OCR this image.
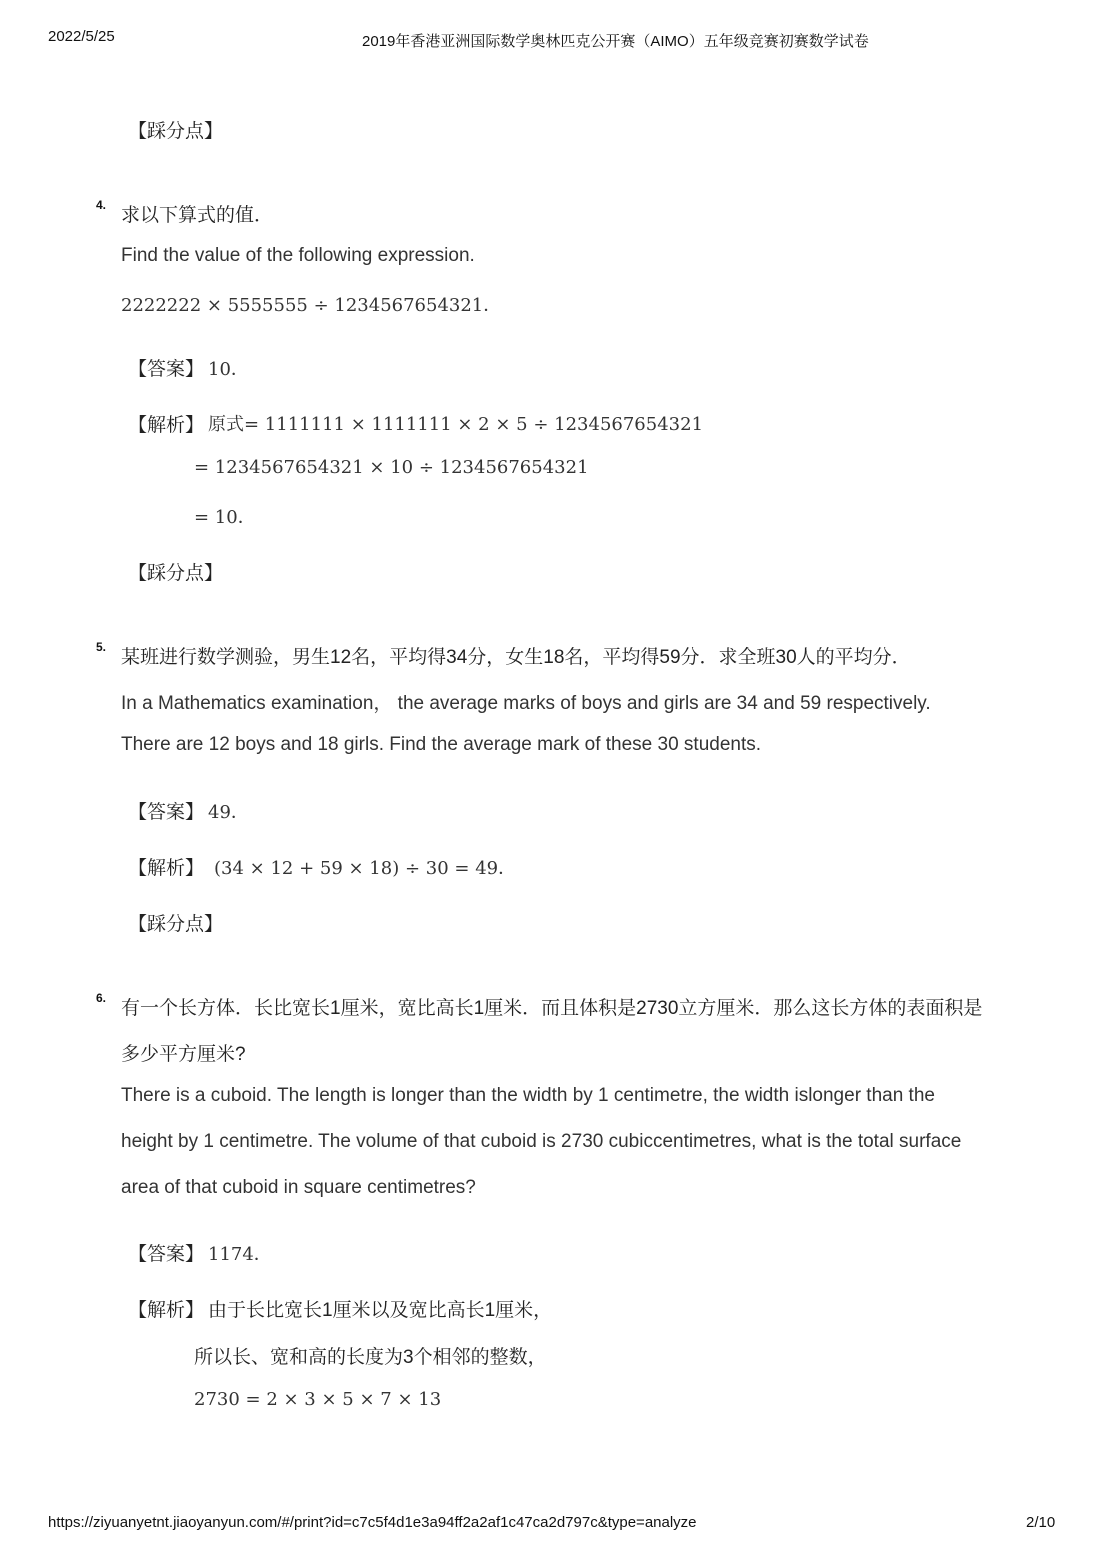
2022/5/25	2019年香港亚洲国际数学奥林匹克公开赛（AIMO）五年级竞赛初赛数学试卷
【踩分点】
4. 求以下算式的值．
Find the value of the following expression.
2222222 × 5555555 ÷ 1234567654321．
【答案】 10．
【解析】 原式= 1111111 × 1111111 × 2 × 5 ÷ 1234567654321
= 1234567654321 × 10 ÷ 1234567654321
= 10．
【踩分点】
5. 某班进行数学测验，男生12名，平均得34分，女生18名，平均得59分．求全班30人的平均分．
In a Mathematics examination， the average marks of boys and girls are 34 and 59 respectively.
There are 12 boys and 18 girls. Find the average mark of these 30 students.
【答案】 49．
【解析】 (34 × 12 + 59 × 18) ÷ 30 = 49．
【踩分点】
6. 有一个长方体．长比宽长1厘米，宽比高长1厘米．而且体积是2730立方厘米．那么这长方体的表面积是
多少平方厘米?
There is a cuboid. The length is longer than the width by 1 centimetre, the width islonger than the
height by 1 centimetre. The volume of that cuboid is 2730 cubiccentimetres, what is the total surface
area of that cuboid in square centimetres?
【答案】 1174．
【解析】 由于长比宽长1厘米以及宽比高长1厘米，
所以长、宽和高的长度为3个相邻的整数，
2730 = 2 × 3 × 5 × 7 × 13
https://ziyuanyetnt.jiaoyanyun.com/#/print?id=c7c5f4d1e3a94ff2a2af1c47ca2d797c&type=analyze	2/10
